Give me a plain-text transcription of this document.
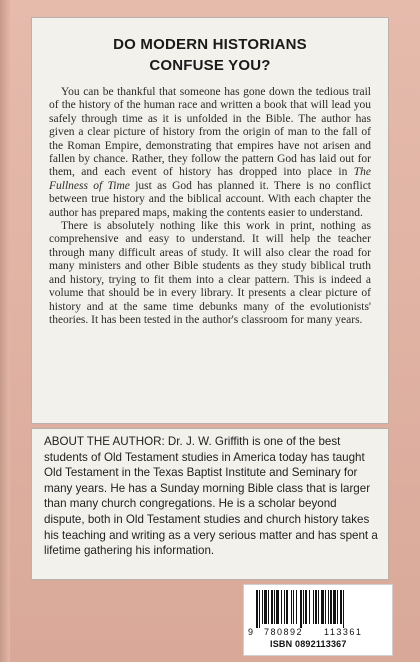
DO MODERN HISTORIANS
CONFUSE YOU?

You can be thankful that someone has gone down the tedious trail of the history of the human race and written a book that will lead you safely through time as it is unfolded in the Bible. The author has given a clear picture of history from the origin of man to the fall of the Roman Empire, demonstrating that empires have not arisen and fallen by chance. Rather, they follow the pattern God has laid out for them, and each event of history has dropped into place in The Fullness of Time just as God has planned it. There is no conflict between true history and the biblical account. With each chapter the author has prepared maps, making the contents easier to understand.

There is absolutely nothing like this work in print, nothing as comprehensive and easy to understand. It will help the teacher through many difficult areas of study. It will also clear the road for many ministers and other Bible students as they study biblical truth and history, trying to fit them into a clear pattern. This is indeed a volume that should be in every library. It presents a clear picture of history and at the same time debunks many of the evolutionists' theories. It has been tested in the author's classroom for many years.

ABOUT THE AUTHOR: Dr. J. W. Griffith is one of the best students of Old Testament studies in America today has taught Old Testament in the Texas Baptist Institute and Seminary for many years. He has a Sunday morning Bible class that is larger than many church congregations. He is a scholar beyond dispute, both in Old Testament studies and church history takes his teaching and writing as a very serious matter and has spent a lifetime gathering his information.

9 780892 113361
ISBN 0892113367
